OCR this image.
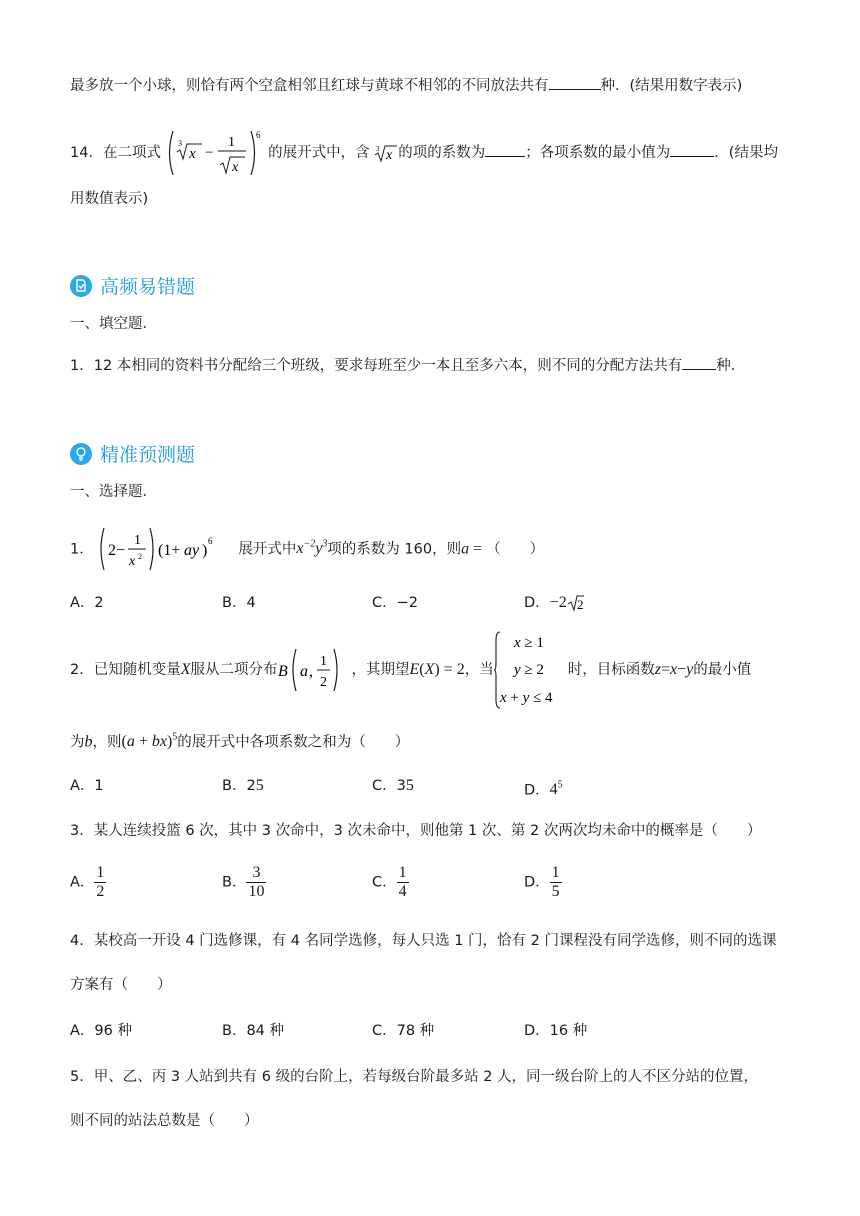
最多放一个小球，则恰有两个空盒相邻且红球与黄球不相邻的不同放法共有	种．(结果用数字表示)
14．在二项式
3
x −
1
x
6
的展开式中，含 3 x 的项的系数为	；各项系数的最小值为	．(结果均
用数值表示)
高频易错题
一、填空题．
1．12 本相同的资料书分配给三个班级，要求每班至少一本且至多六本，则不同的分配方法共有 种．
精准预测题
一、选择题．
1． 2−
1
x 2 (1+ ay )
6 展开式中$x^{-2}y^3$项的系数为 160，则a = （　　）
A．2	B．4	C．−2	D．−2 2
2．已知随机变量 X 服从二项分布 B a ,
1
2
，其期望 E ( X ) = 2 ，当
x ≥ 1
y ≥ 2
x + y ≤ 4
时，目标函数 z = x − y 的最小值
为b，则(a + bx)$^5$的展开式中各项系数之和为（　　）
A．1	B．25	C．35	D．$4^5$
3．某人连续投篮 6 次，其中 3 次命中，3 次未命中，则他第 1 次、第 2 次两次均未命中的概率是（　　）
A． $\frac{1}{2}$	B． $\frac{3}{10}$	C． $\frac{1}{4}$	D． $\frac{1}{5}$
4．某校高一开设 4 门选修课，有 4 名同学选修，每人只选 1 门，恰有 2 门课程没有同学选修，则不同的选课
方案有（　　）
A．96 种	B．84 种	C．78 种	D．16 种
5．甲、乙、丙 3 人站到共有 6 级的台阶上，若每级台阶最多站 2 人，同一级台阶上的人不区分站的位置，
则不同的站法总数是（　　）
